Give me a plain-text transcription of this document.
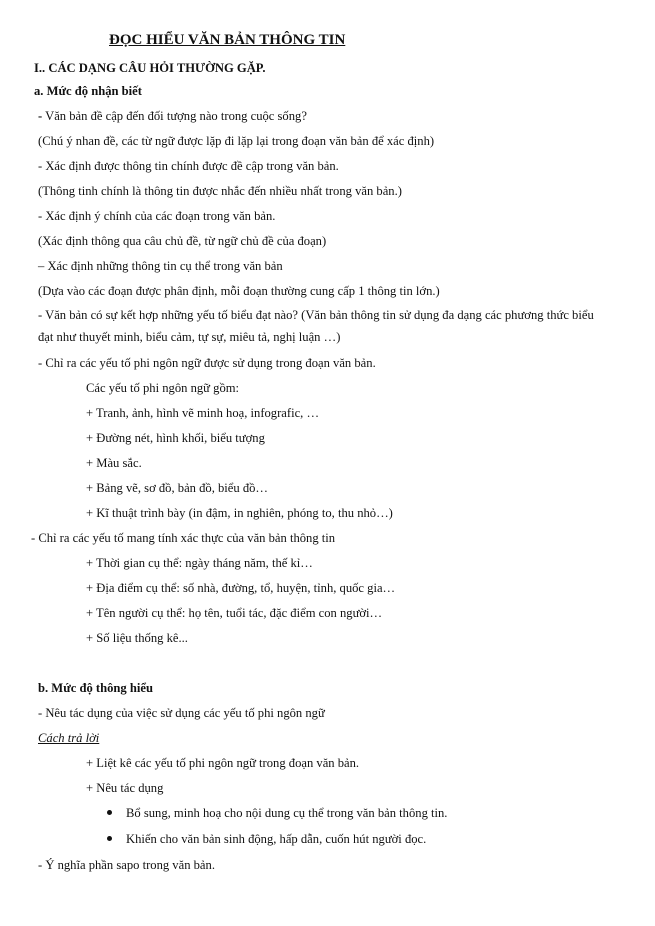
ĐỌC HIỂU VĂN BẢN THÔNG TIN
I.. CÁC DẠNG CÂU HỎI THƯỜNG GẶP.
a. Mức độ nhận biết
- Văn bản đề cập đến đối tượng nào trong cuộc sống?
(Chú ý nhan đề, các từ ngữ được lặp đi lặp lại trong đoạn văn bản để xác định)
- Xác định được thông tin chính được đề cập trong văn bản.
(Thông tinh chính là thông tin được nhắc đến nhiều nhất trong văn bản.)
- Xác định ý chính của các đoạn trong văn bản.
(Xác định thông qua câu chủ đề, từ ngữ chủ đề của đoạn)
– Xác định những thông tin cụ thể trong văn bản
(Dựa vào các đoạn được phân định, mỗi đoạn thường cung cấp 1 thông tin lớn.)
- Văn bản có sự kết hợp những yếu tố biểu đạt nào? (Văn bản thông tin sử dụng đa dạng các phương thức biểu
đạt như thuyết minh, biểu cảm, tự sự, miêu tả, nghị luận …)
- Chỉ ra các yếu tố phi ngôn ngữ được sử dụng trong đoạn văn bản.
Các yếu tố phi ngôn ngữ gồm:
+ Tranh, ảnh, hình vẽ minh hoạ, infografic, …
+ Đường nét, hình khối, biểu tượng
+ Màu sắc.
+ Bảng vẽ, sơ đồ, bản đồ, biểu đồ…
+ Kĩ thuật trình bày (in đậm, in nghiên, phóng to, thu nhỏ…)
- Chỉ ra các yếu tố mang tính xác thực của văn bản thông tin
+ Thời gian cụ thể: ngày tháng năm, thế kỉ…
+ Địa điểm cụ thể: số nhà, đường, tổ, huyện, tỉnh, quốc gia…
+ Tên người cụ thể: họ tên, tuổi tác, đặc điểm con người…
+ Số liệu thống kê...
b. Mức độ thông hiểu
- Nêu tác dụng của việc sử dụng các yếu tố phi ngôn ngữ
Cách trả lời
+ Liệt kê các yếu tố phi ngôn ngữ trong đoạn văn bản.
+ Nêu tác dụng
Bổ sung, minh hoạ cho nội dung cụ thể trong văn bản thông tin.
Khiến cho văn bản sinh động, hấp dẫn, cuốn hút người đọc.
- Ý nghĩa phần sapo trong văn bản.
